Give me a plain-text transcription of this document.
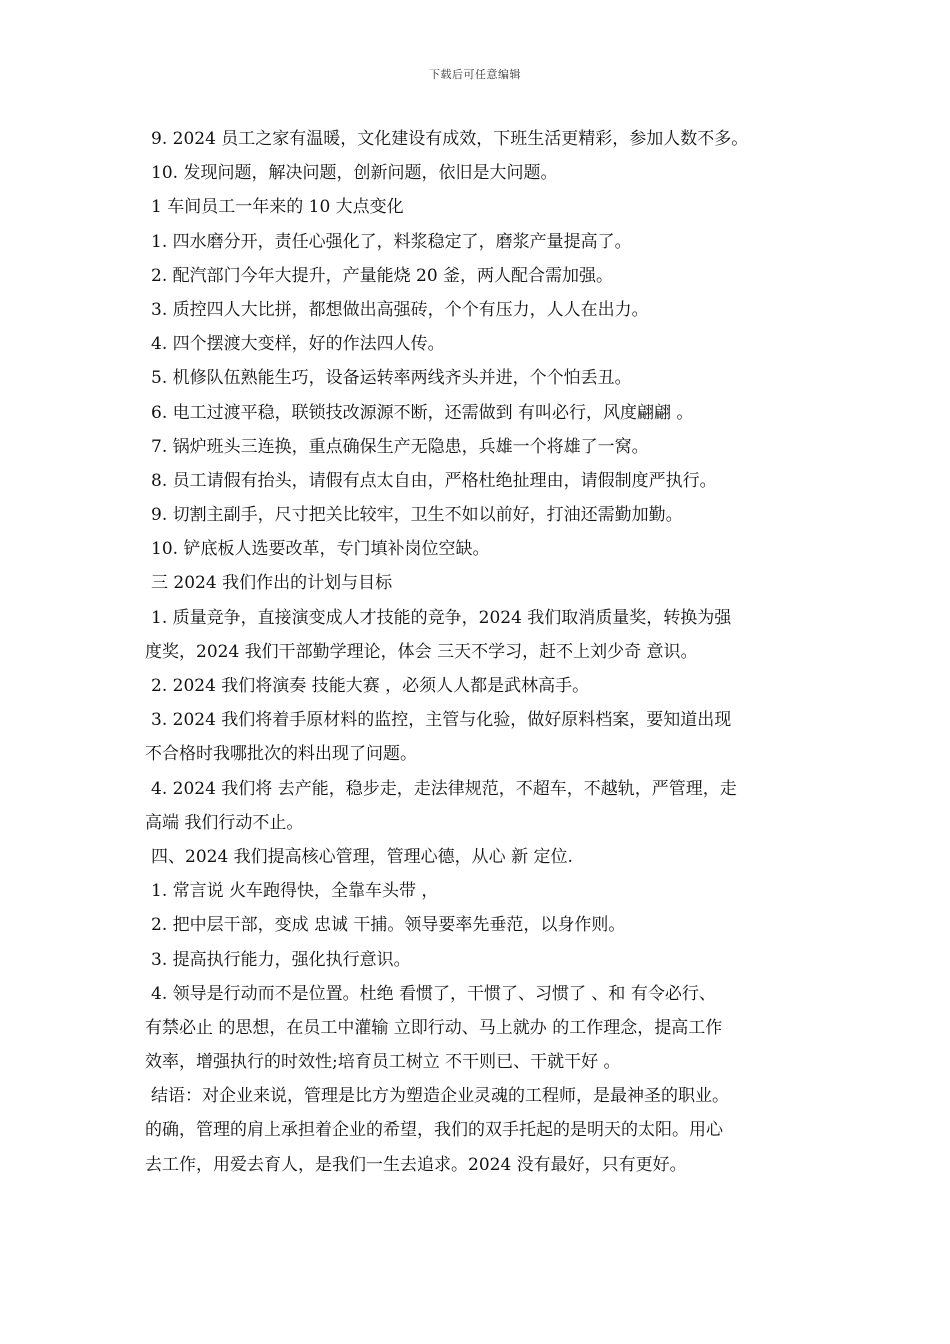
下载后可任意编辑
9. 2024 员工之家有温暖，文化建设有成效，下班生活更精彩，参加人数不多。
10. 发现问题，解决问题，创新问题，依旧是大问题。
1 车间员工一年来的 10 大点变化
1. 四水磨分开，责任心强化了，料浆稳定了，磨浆产量提高了。
2. 配汽部门今年大提升，产量能烧 20 釜，两人配合需加强。
3. 质控四人大比拼，都想做出高强砖，个个有压力，人人在出力。
4. 四个摆渡大变样，好的作法四人传。
5. 机修队伍熟能生巧，设备运转率两线齐头并进，个个怕丢丑。
6. 电工过渡平稳，联锁技改源源不断，还需做到 有叫必行，风度翩翩 。
7. 锅炉班头三连换，重点确保生产无隐患，兵雄一个将雄了一窝。
8. 员工请假有抬头，请假有点太自由，严格杜绝扯理由，请假制度严执行。
9. 切割主副手，尺寸把关比较牢，卫生不如以前好，打油还需勤加勤。
10. 铲底板人选要改革，专门填补岗位空缺。
三 2024 我们作出的计划与目标
1. 质量竞争，直接演变成人才技能的竞争，2024 我们取消质量奖，转换为强
度奖，2024 我们干部勤学理论，体会 三天不学习，赶不上刘少奇 意识。
2. 2024 我们将演奏 技能大赛 ，必须人人都是武林高手。
3. 2024 我们将着手原材料的监控，主管与化验，做好原料档案，要知道出现
不合格时我哪批次的料出现了问题。
4. 2024 我们将 去产能，稳步走，走法律规范，不超车，不越轨，严管理，走
高端 我们行动不止。
四、2024 我们提高核心管理，管理心德，从心 新 定位.
1. 常言说 火车跑得快，全靠车头带 ，
2. 把中层干部，变成 忠诚 干捕。领导要率先垂范，以身作则。
3. 提高执行能力，强化执行意识。
4. 领导是行动而不是位置。杜绝 看惯了，干惯了、习惯了 、和 有令必行、
有禁必止 的思想，在员工中灌输 立即行动、马上就办 的工作理念，提高工作
效率，增强执行的时效性;培育员工树立 不干则已、干就干好 。
结语：对企业来说，管理是比方为塑造企业灵魂的工程师，是最神圣的职业。
的确，管理的肩上承担着企业的希望，我们的双手托起的是明天的太阳。用心
去工作，用爱去育人，是我们一生去追求。2024 没有最好，只有更好。
